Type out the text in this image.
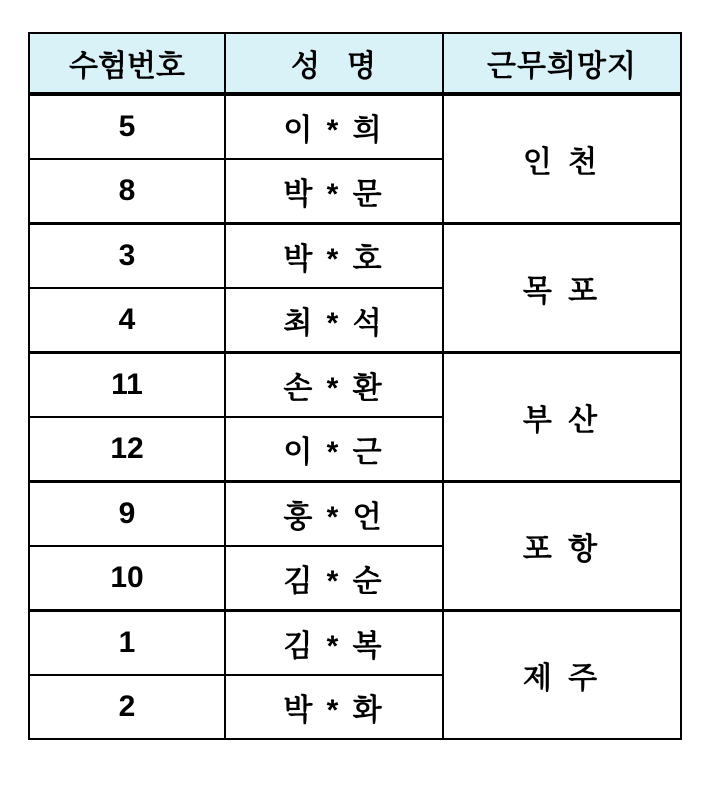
수험번호	성 명	근무희망지
5	이 * 희	인 천
8	박 * 문	
3	박 * 호	목 포
4	최 * 석	
11	손 * 환	부 산
12	이 * 근	
9	훙 * 언	포 항
10	김 * 순	
1	김 * 복	제 주
2	박 * 화	
